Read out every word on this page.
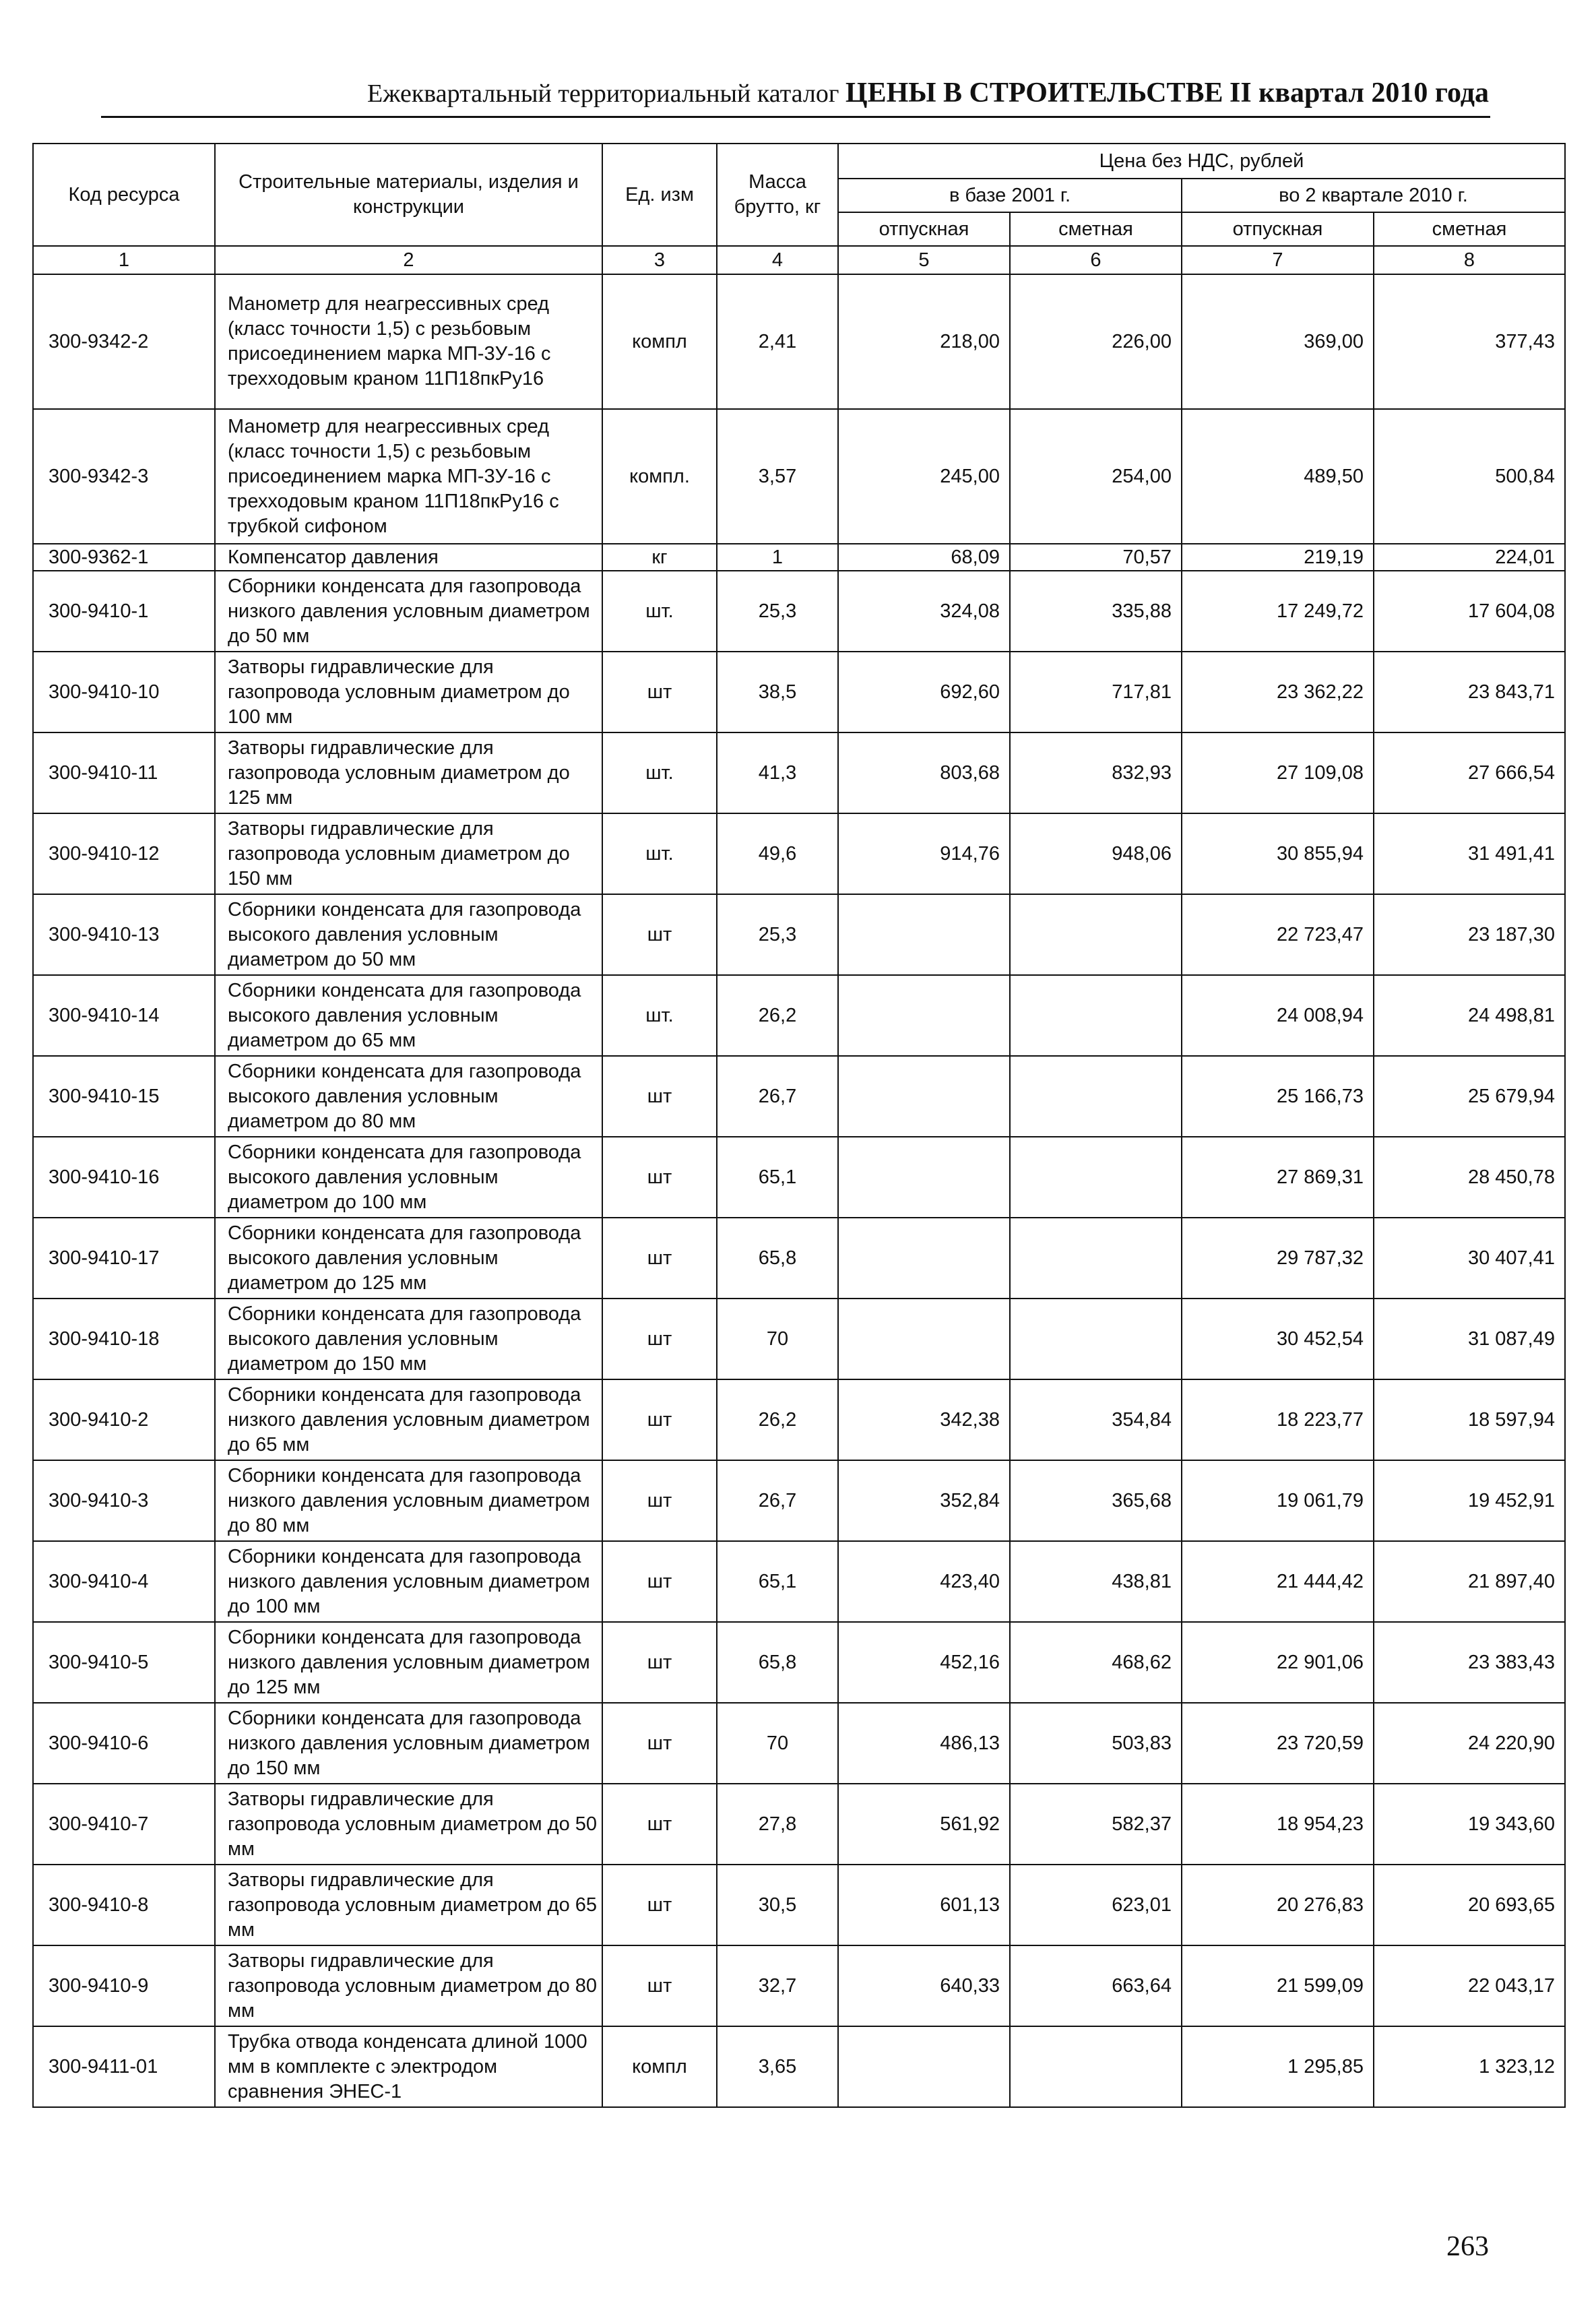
Ежеквартальный территориальный каталог ЦЕНЫ В СТРОИТЕЛЬСТВЕ II квартал 2010 года
Код ресурса	Строительные материалы, изделия и конструкции	Ед. изм	Масса брутто, кг	Цена без НДС, рублей			
				в базе 2001 г.		во 2 квартале 2010 г.	
				отпускная	сметная	отпускная	сметная
1	2	3	4	5	6	7	8
300-9342-2	Манометр для неагрессивных сред (класс точности 1,5) с резьбовым присоединением марка МП-3У-16 с трехходовым краном 11П18пкРу16	компл	2,41	218,00	226,00	369,00	377,43
300-9342-3	Манометр для неагрессивных сред (класс точности 1,5) с резьбовым присоединением марка МП-3У-16 с трехходовым краном 11П18пкРу16 с трубкой сифоном	компл.	3,57	245,00	254,00	489,50	500,84
300-9362-1	Компенсатор давления	кг	1	68,09	70,57	219,19	224,01
300-9410-1	Сборники конденсата для газопровода низкого давления условным диаметром до 50 мм	шт.	25,3	324,08	335,88	17 249,72	17 604,08
300-9410-10	Затворы гидравлические для газопровода условным диаметром до 100 мм	шт	38,5	692,60	717,81	23 362,22	23 843,71
300-9410-11	Затворы гидравлические для газопровода условным диаметром до 125 мм	шт.	41,3	803,68	832,93	27 109,08	27 666,54
300-9410-12	Затворы гидравлические для газопровода условным диаметром до 150 мм	шт.	49,6	914,76	948,06	30 855,94	31 491,41
300-9410-13	Сборники конденсата для газопровода высокого давления условным диаметром до 50 мм	шт	25,3			22 723,47	23 187,30
300-9410-14	Сборники конденсата для газопровода высокого давления условным диаметром до 65 мм	шт.	26,2			24 008,94	24 498,81
300-9410-15	Сборники конденсата для газопровода высокого давления условным диаметром до 80 мм	шт	26,7			25 166,73	25 679,94
300-9410-16	Сборники конденсата для газопровода высокого давления условным диаметром до 100 мм	шт	65,1			27 869,31	28 450,78
300-9410-17	Сборники конденсата для газопровода высокого давления условным диаметром до 125 мм	шт	65,8			29 787,32	30 407,41
300-9410-18	Сборники конденсата для газопровода высокого давления условным диаметром до 150 мм	шт	70			30 452,54	31 087,49
300-9410-2	Сборники конденсата для газопровода низкого давления условным диаметром до 65 мм	шт	26,2	342,38	354,84	18 223,77	18 597,94
300-9410-3	Сборники конденсата для газопровода низкого давления условным диаметром до 80 мм	шт	26,7	352,84	365,68	19 061,79	19 452,91
300-9410-4	Сборники конденсата для газопровода низкого давления условным диаметром до 100 мм	шт	65,1	423,40	438,81	21 444,42	21 897,40
300-9410-5	Сборники конденсата для газопровода низкого давления условным диаметром до 125 мм	шт	65,8	452,16	468,62	22 901,06	23 383,43
300-9410-6	Сборники конденсата для газопровода низкого давления условным диаметром до 150 мм	шт	70	486,13	503,83	23 720,59	24 220,90
300-9410-7	Затворы гидравлические для газопровода условным диаметром до 50 мм	шт	27,8	561,92	582,37	18 954,23	19 343,60
300-9410-8	Затворы гидравлические для газопровода условным диаметром до 65 мм	шт	30,5	601,13	623,01	20 276,83	20 693,65
300-9410-9	Затворы гидравлические для газопровода условным диаметром до 80 мм	шт	32,7	640,33	663,64	21 599,09	22 043,17
300-9411-01	Трубка отвода конденсата длиной 1000 мм в комплекте с электродом сравнения ЭНЕС-1	компл	3,65			1 295,85	1 323,12
263
